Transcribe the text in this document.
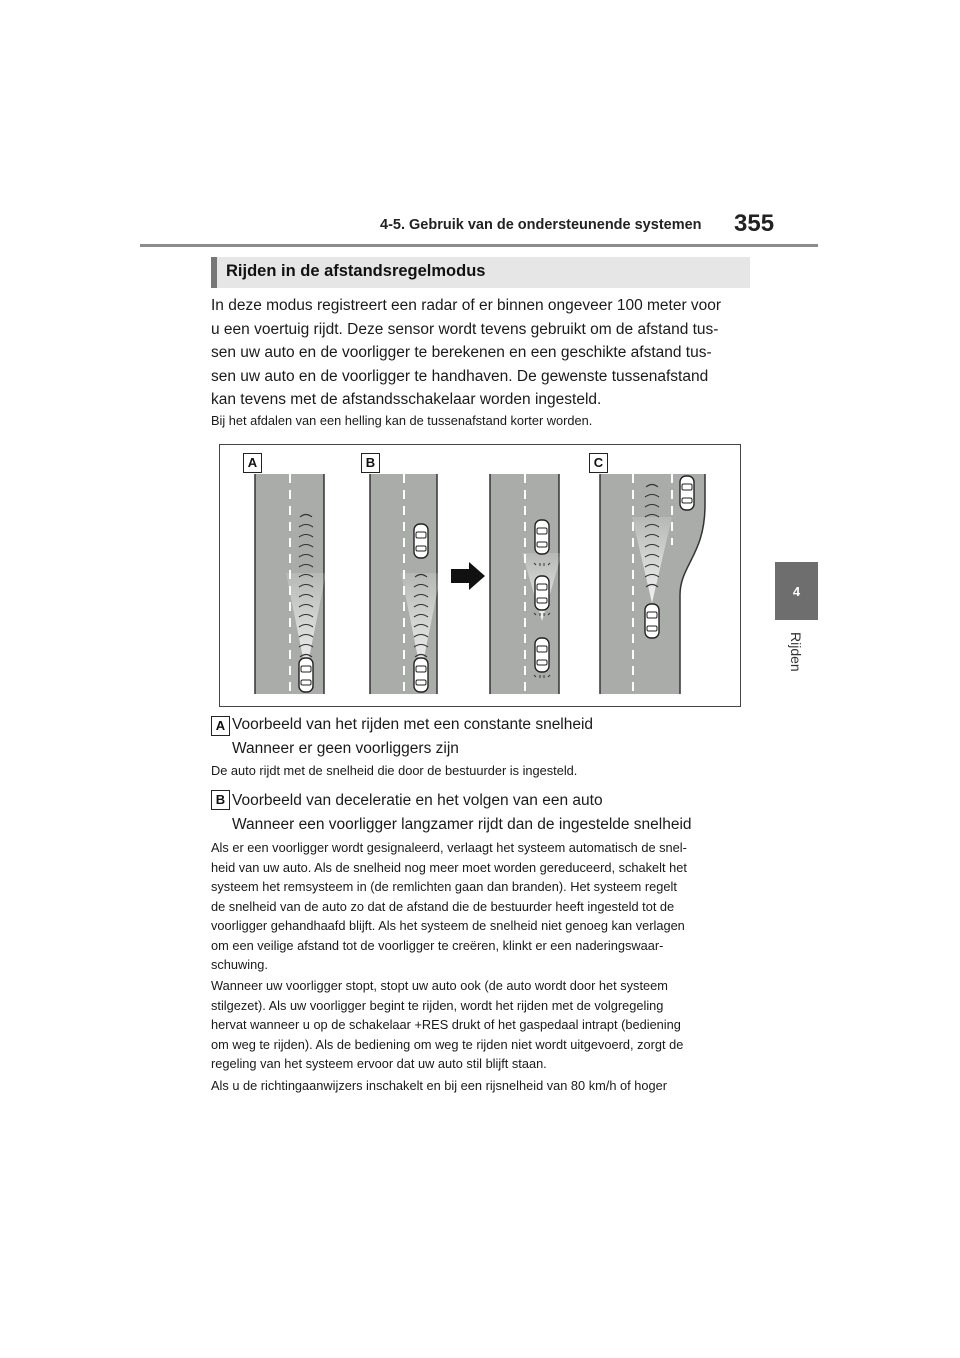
4-5. Gebruik van de ondersteunende systemen 355
4
Rijden
Rijden in de afstandsregelmodus
In deze modus registreert een radar of er binnen ongeveer 100 meter voor
u een voertuig rijdt. Deze sensor wordt tevens gebruikt om de afstand tus-
sen uw auto en de voorligger te berekenen en een geschikte afstand tus-
sen uw auto en de voorligger te handhaven. De gewenste tussenafstand
kan tevens met de afstandsschakelaar worden ingesteld.
Bij het afdalen van een helling kan de tussenafstand korter worden.
A	B	C
A Voorbeeld van het rijden met een constante snelheid
Wanneer er geen voorliggers zijn
De auto rijdt met de snelheid die door de bestuurder is ingesteld.
B Voorbeeld van deceleratie en het volgen van een auto
Wanneer een voorligger langzamer rijdt dan de ingestelde snelheid
Als er een voorligger wordt gesignaleerd, verlaagt het systeem automatisch de snel-
heid van uw auto. Als de snelheid nog meer moet worden gereduceerd, schakelt het
systeem het remsysteem in (de remlichten gaan dan branden). Het systeem regelt
de snelheid van de auto zo dat de afstand die de bestuurder heeft ingesteld tot de
voorligger gehandhaafd blijft. Als het systeem de snelheid niet genoeg kan verlagen
om een veilige afstand tot de voorligger te creëren, klinkt er een naderingswaar-
schuwing.
Wanneer uw voorligger stopt, stopt uw auto ook (de auto wordt door het systeem
stilgezet). Als uw voorligger begint te rijden, wordt het rijden met de volgregeling
hervat wanneer u op de schakelaar +RES drukt of het gaspedaal intrapt (bediening
om weg te rijden). Als de bediening om weg te rijden niet wordt uitgevoerd, zorgt de
regeling van het systeem ervoor dat uw auto stil blijft staan.
Als u de richtingaanwijzers inschakelt en bij een rijsnelheid van 80 km/h of hoger
